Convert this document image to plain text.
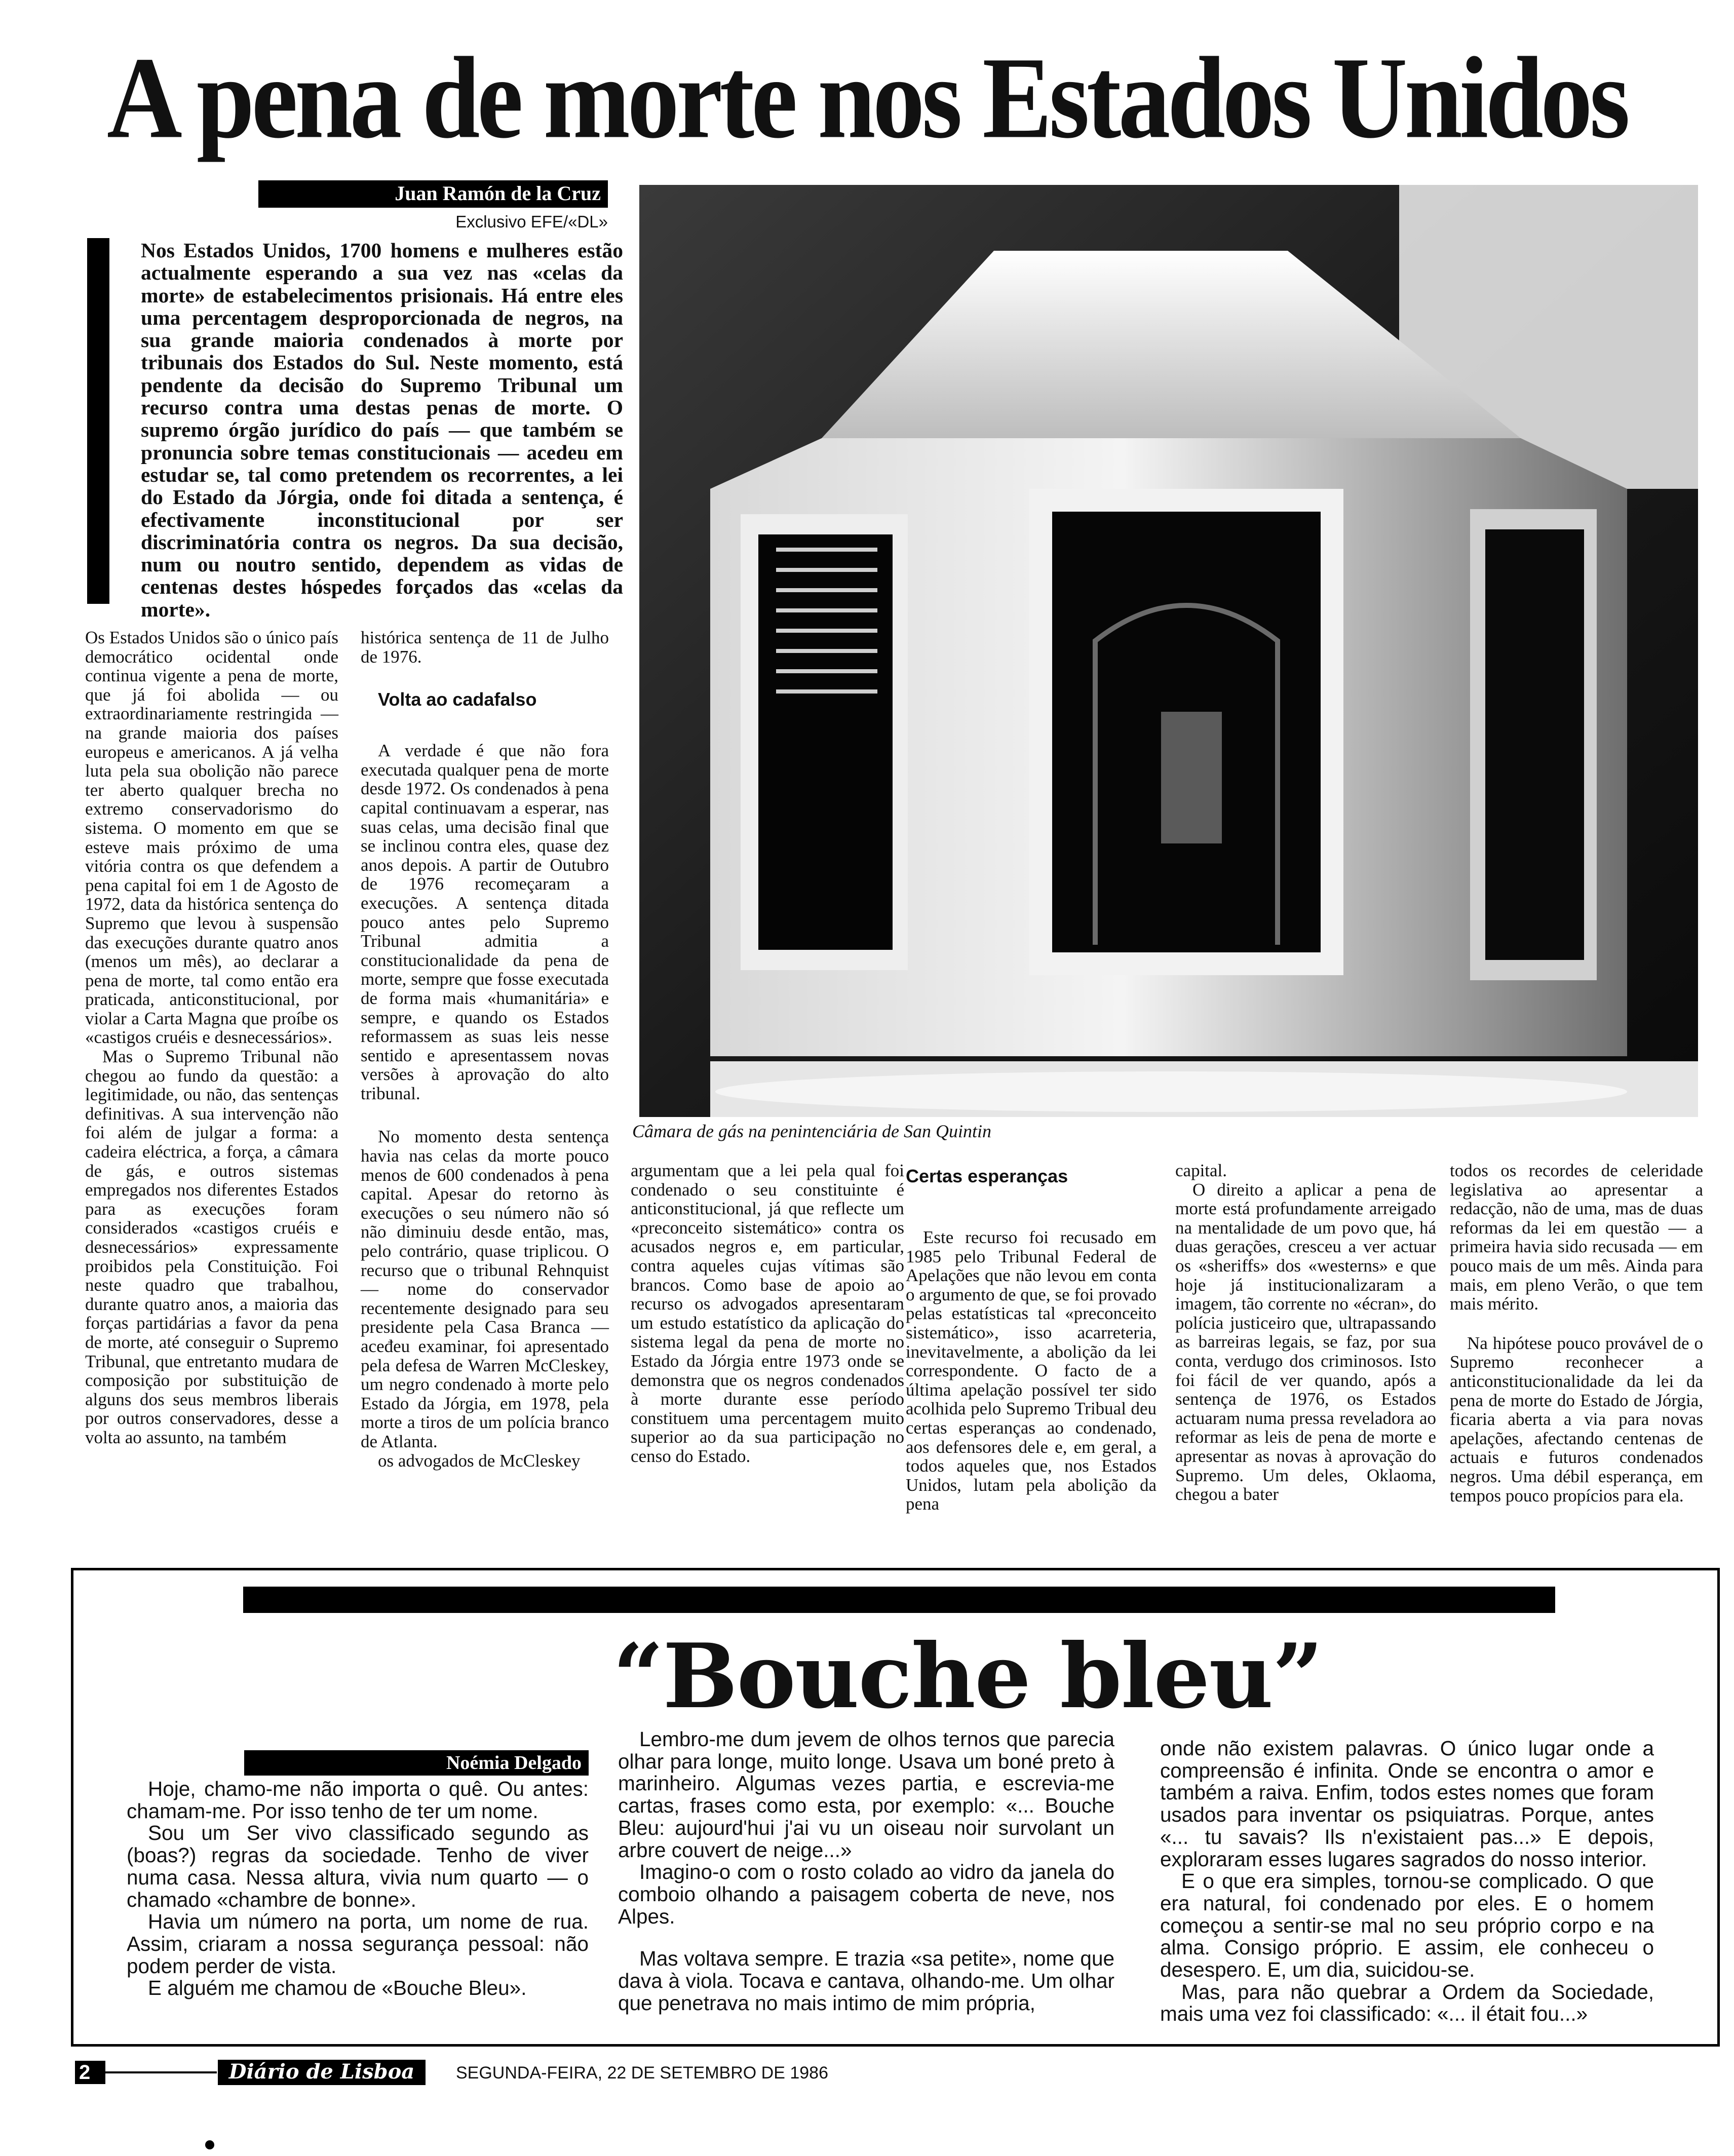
A pena de morte nos Estados Unidos
Juan Ramón de la Cruz
Exclusivo EFE/«DL»
Nos Estados Unidos, 1700 homens e mulheres estão actualmente esperando a sua vez nas «celas da morte» de estabelecimentos prisionais. Há entre eles uma percentagem desproporcionada de negros, na sua grande maioria condenados à morte por tribunais dos Estados do Sul. Neste momento, está pendente da decisão do Supremo Tribunal um recurso contra uma destas penas de morte. O supremo órgão jurídico do país — que também se pronuncia sobre temas constitucionais — acedeu em estudar se, tal como pretendem os recorrentes, a lei do Estado da Jórgia, onde foi ditada a sentença, é efectivamente inconstitucional por ser discriminatória contra os negros. Da sua decisão, num ou noutro sentido, dependem as vidas de centenas destes hóspedes forçados das «celas da morte».

Os Estados Unidos são o único país democrático ocidental onde continua vigente a pena de morte, que já foi abolida — ou extraordinariamente restringida — na grande maioria dos países europeus e americanos. A já velha luta pela sua obolição não parece ter aberto qualquer brecha no extremo conservadorismo do sistema. O momento em que se esteve mais próximo de uma vitória contra os que defendem a pena capital foi em 1 de Agosto de 1972, data da histórica sentença do Supremo que levou à suspensão das execuções durante quatro anos (menos um mês), ao declarar a pena de morte, tal como então era praticada, anticonstitucional, por violar a Carta Magna que proíbe os «castigos cruéis e desnecessários».

Mas o Supremo Tribunal não chegou ao fundo da questão: a legitimidade, ou não, das sentenças definitivas. A sua intervenção não foi além de julgar a forma: a cadeira eléctrica, a força, a câmara de gás, e outros sistemas empregados nos diferentes Estados para as execuções foram considerados «castigos cruéis e desnecessários» expressamente proibidos pela Constituição. Foi neste quadro que trabalhou, durante quatro anos, a maioria das forças partidárias a favor da pena de morte, até conseguir o Supremo Tribunal, que entretanto mudara de composição por substituição de alguns dos seus membros liberais por outros conservadores, desse a volta ao assunto, na também

histórica sentença de 11 de Julho de 1976.

Volta ao cadafalso

A verdade é que não fora executada qualquer pena de morte desde 1972. Os condenados à pena capital continuavam a esperar, nas suas celas, uma decisão final que se inclinou contra eles, quase dez anos depois. A partir de Outubro de 1976 recomeçaram a execuções. A sentença ditada pouco antes pelo Supremo Tribunal admitia a constitucionalidade da pena de morte, sempre que fosse executada de forma mais «humanitária» e sempre, e quando os Estados reformassem as suas leis nesse sentido e apresentassem novas versões à aprovação do alto tribunal.

No momento desta sentença havia nas celas da morte pouco menos de 600 condenados à pena capital. Apesar do retorno às execuções o seu número não só não diminuiu desde então, mas, pelo contrário, quase triplicou. O recurso que o tribunal Rehnquist — nome do conservador recentemente designado para seu presidente pela Casa Branca — aceđeu examinar, foi apresentado pela defesa de Warren McCleskey, um negro condenado à morte pelo Estado da Jórgia, em 1978, pela morte a tiros de um polícia branco de Atlanta.

os advogados de McCleskey

Câmara de gás na penintenciária de San Quintin

argumentam que a lei pela qual foi condenado o seu constituinte é anticonstitucional, já que reflecte um «preconceito sistemático» contra os acusados negros e, em particular, contra aqueles cujas vítimas são brancos. Como base de apoio ao recurso os advogados apresentaram um estudo estatístico da aplicação do sistema legal da pena de morte no Estado da Jórgia entre 1973 onde se demonstra que os negros condenados à morte durante esse período constituem uma percentagem muito superior ao da sua participação no censo do Estado.

Certas esperanças

Este recurso foi recusado em 1985 pelo Tribunal Federal de Apelações que não levou em conta o argumento de que, se foi provado pelas estatísticas tal «preconceito sistemático», isso acarreteria, inevitavelmente, a abolição da lei correspondente. O facto de a última apelação possível ter sido acolhida pelo Supremo Tribual deu certas esperanças ao condenado, aos defensores dele e, em geral, a todos aqueles que, nos Estados Unidos, lutam pela abolição da pena

capital.

O direito a aplicar a pena de morte está profundamente arreigado na mentalidade de um povo que, há duas gerações, cresceu a ver actuar os «sheriffs» dos «westerns» e que hoje já institucionalizaram a imagem, tão corrente no «écran», do polícia justiceiro que, ultrapassando as barreiras legais, se faz, por sua conta, verdugo dos criminosos. Isto foi fácil de ver quando, após a sentença de 1976, os Estados actuaram numa pressa reveladora ao reformar as leis de pena de morte e apresentar as novas à aprovação do Supremo. Um deles, Oklaoma, chegou a bater

todos os recordes de celeridade legislativa ao apresentar a redacção, não de uma, mas de duas reformas da lei em questão — a primeira havia sido recusada — em pouco mais de um mês. Ainda para mais, em pleno Verão, o que tem mais mérito.

Na hipótese pouco provável de o Supremo reconhecer a anticonstitucionalidade da lei da pena de morte do Estado de Jórgia, ficaria aberta a via para novas apelações, afectando centenas de actuais e futuros condenados negros. Uma débil esperança, em tempos pouco propícios para ela.

“Bouche bleu”
Noémia Delgado

Hoje, chamo-me não importa o quê. Ou antes: chamam-me. Por isso tenho de ter um nome.

Sou um Ser vivo classificado segundo as (boas?) regras da sociedade. Tenho de viver numa casa. Nessa altura, vivia num quarto — o chamado «chambre de bonne».

Havia um número na porta, um nome de rua. Assim, criaram a nossa segurança pessoal: não podem perder de vista.

E alguém me chamou de «Bouche Bleu».

Lembro-me dum jevem de olhos ternos que parecia olhar para longe, muito longe. Usava um boné preto à marinheiro. Algumas vezes partia, e escrevia-me cartas, frases como esta, por exemplo: «... Bouche Bleu: aujourd'hui j'ai vu un oiseau noir survolant un arbre couvert de neige...»

Imagino-o com o rosto colado ao vidro da janela do comboio olhando a paisagem coberta de neve, nos Alpes.

Mas voltava sempre. E trazia «sa petite», nome que dava à viola. Tocava e cantava, olhando-me. Um olhar que penetrava no mais intimo de mim própria,

onde não existem palavras. O único lugar onde a compreensão é infinita. Onde se encontra o amor e também a raiva. Enfim, todos estes nomes que foram usados para inventar os psiquiatras. Porque, antes «... tu savais? Ils n'existaient pas...» E depois, exploraram esses lugares sagrados do nosso interior.

E o que era simples, tornou-se complicado. O que era natural, foi condenado por eles. E o homem começou a sentir-se mal no seu próprio corpo e na alma. Consigo próprio. E assim, ele conheceu o desespero. E, um dia, suicidou-se.

Mas, para não quebrar a Ordem da Sociedade, mais uma vez foi classificado: «... il était fou...»

2	Diário de Lisboa	SEGUNDA-FEIRA, 22 DE SETEMBRO DE 1986
